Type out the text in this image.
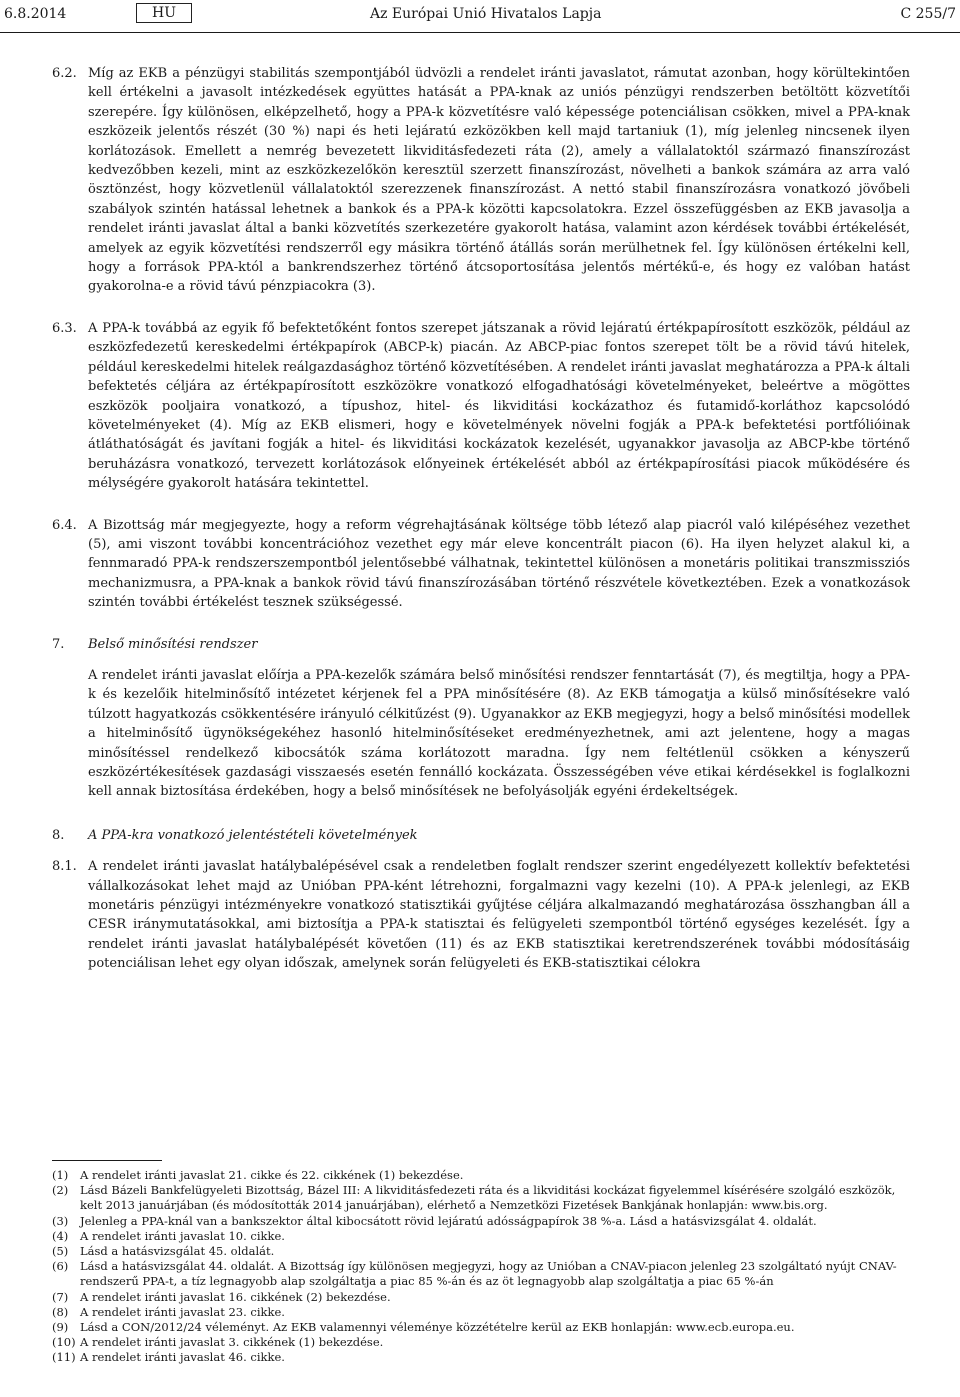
6.8.2014	HU	Az Európai Unió Hivatalos Lapja	C 255/7
6.2. Míg az EKB a pénzügyi stabilitás szempontjából üdvözli a rendelet iránti javaslatot, rámutat azonban, hogy körültekintően kell értékelni a javasolt intézkedések együttes hatását a PPA-knak az uniós pénzügyi rendszerben betöltött közvetítői szerepére. Így különösen, elképzelhető, hogy a PPA-k közvetítésre való képessége potenciálisan csökken, mivel a PPA-knak eszközeik jelentős részét (30 %) napi és heti lejáratú ezközökben kell majd tartaniuk (1), míg jelenleg nincsenek ilyen korlátozások. Emellett a nemrég bevezetett likviditásfedezeti ráta (2), amely a vállalatoktól származó finanszírozást kedvezőbben kezeli, mint az eszközkezelőkön keresztül szerzett finanszírozást, növelheti a bankok számára az arra való ösztönzést, hogy közvetlenül vállalatoktól szerezzenek finanszírozást. A nettó stabil finanszírozásra vonatkozó jövőbeli szabályok szintén hatással lehetnek a bankok és a PPA-k közötti kapcsolatokra. Ezzel összefüggésben az EKB javasolja a rendelet iránti javaslat által a banki közvetítés szerkezetére gyakorolt hatása, valamint azon kérdések további értékelését, amelyek az egyik közvetítési rendszerről egy másikra történő átállás során merülhetnek fel. Így különösen értékelni kell, hogy a források PPA-któl a bankrendszerhez történő átcsoportosítása jelentős mértékű-e, és hogy ez valóban hatást gyakorolna-e a rövid távú pénzpiacokra (3).
6.3. A PPA-k továbbá az egyik fő befektetőként fontos szerepet játszanak a rövid lejáratú értékpapírosított eszközök, például az eszközfedezetű kereskedelmi értékpapírok (ABCP-k) piacán. Az ABCP-piac fontos szerepet tölt be a rövid távú hitelek, például kereskedelmi hitelek reálgazdasághoz történő közvetítésében. A rendelet iránti javaslat meghatározza a PPA-k általi befektetés céljára az értékpapírosított eszközökre vonatkozó elfogadhatósági követelményeket, beleértve a mögöttes eszközök pooljaira vonatkozó, a típushoz, hitel- és likviditási kockázathoz és futamidő-korláthoz kapcsolódó követelményeket (4). Míg az EKB elismeri, hogy e követelmények növelni fogják a PPA-k befektetési portfólióinak átláthatóságát és javítani fogják a hitel- és likviditási kockázatok kezelését, ugyanakkor javasolja az ABCP-kbe történő beruházásra vonatkozó, tervezett korlátozások előnyeinek értékelését abból az értékpapírosítási piacok működésére és mélységére gyakorolt hatására tekintettel.
6.4. A Bizottság már megjegyezte, hogy a reform végrehajtásának költsége több létező alap piacról való kilépéséhez vezethet (5), ami viszont további koncentrációhoz vezethet egy már eleve koncentrált piacon (6). Ha ilyen helyzet alakul ki, a fennmaradó PPA-k rendszerszempontból jelentősebbé válhatnak, tekintettel különösen a monetáris politikai transzmissziós mechanizmusra, a PPA-knak a bankok rövid távú finanszírozásában történő részvétele következtében. Ezek a vonatkozások szintén további értékelést tesznek szükségessé.
7.	Belső minősítési rendszer
A rendelet iránti javaslat előírja a PPA-kezelők számára belső minősítési rendszer fenntartását (7), és megtiltja, hogy a PPA-k és kezelőik hitelminősítő intézetet kérjenek fel a PPA minősítésére (8). Az EKB támogatja a külső minősítésekre való túlzott hagyatkozás csökkentésére irányuló célkitűzést (9). Ugyanakkor az EKB megjegyzi, hogy a belső minősítési modellek a hitelminősítő ügynökségekéhez hasonló hitelminősítéseket eredményezhetnek, ami azt jelentene, hogy a magas minősítéssel rendelkező kibocsátók száma korlátozott maradna. Így nem feltétlenül csökken a kényszerű eszközértékesítések gazdasági visszaesés esetén fennálló kockázata. Összességében véve etikai kérdésekkel is foglalkozni kell annak biztosítása érdekében, hogy a belső minősítések ne befolyásolják egyéni érdekeltségek.
8.	A PPA-kra vonatkozó jelentéstételi követelmények
8.1. A rendelet iránti javaslat hatálybalépésével csak a rendeletben foglalt rendszer szerint engedélyezett kollektív befektetési vállalkozásokat lehet majd az Unióban PPA-ként létrehozni, forgalmazni vagy kezelni (10). A PPA-k jelenlegi, az EKB monetáris pénzügyi intézményekre vonatkozó statisztikái gyűjtése céljára alkalmazandó meghatározása összhangban áll a CESR iránymutatásokkal, ami biztosítja a PPA-k statisztai és felügyeleti szempontból történő egységes kezelését. Így a rendelet iránti javaslat hatálybalépését követően (11) és az EKB statisztikai keretrendszerének további módosításáig potenciálisan lehet egy olyan időszak, amelynek során felügyeleti és EKB-statisztikai célokra
(1)	A rendelet iránti javaslat 21. cikke és 22. cikkének (1) bekezdése.
(2)	Lásd Bázeli Bankfelügyeleti Bizottság, Bázel III: A likviditásfedezeti ráta és a likviditási kockázat figyelemmel kísérésére szolgáló eszközök, kelt 2013 januárjában (és módosították 2014 januárjában), elérhető a Nemzetközi Fizetések Bankjának honlapján: www.bis.org.
(3)	Jelenleg a PPA-knál van a bankszektor által kibocsátott rövid lejáratú adósságpapírok 38 %-a. Lásd a hatásvizsgálat 4. oldalát.
(4)	A rendelet iránti javaslat 10. cikke.
(5)	Lásd a hatásvizsgálat 45. oldalát.
(6)	Lásd a hatásvizsgálat 44. oldalát. A Bizottság így különösen megjegyzi, hogy az Unióban a CNAV-piacon jelenleg 23 szolgáltató nyújt CNAV-rendszerű PPA-t, a tíz legnagyobb alap szolgáltatja a piac 85 %-án és az öt legnagyobb alap szolgáltatja a piac 65 %-án
(7)	A rendelet iránti javaslat 16. cikkének (2) bekezdése.
(8)	A rendelet iránti javaslat 23. cikke.
(9)	Lásd a CON/2012/24 véleményt. Az EKB valamennyi véleménye közzétételre kerül az EKB honlapján: www.ecb.europa.eu.
(10) A rendelet iránti javaslat 3. cikkének (1) bekezdése.
(11) A rendelet iránti javaslat 46. cikke.
